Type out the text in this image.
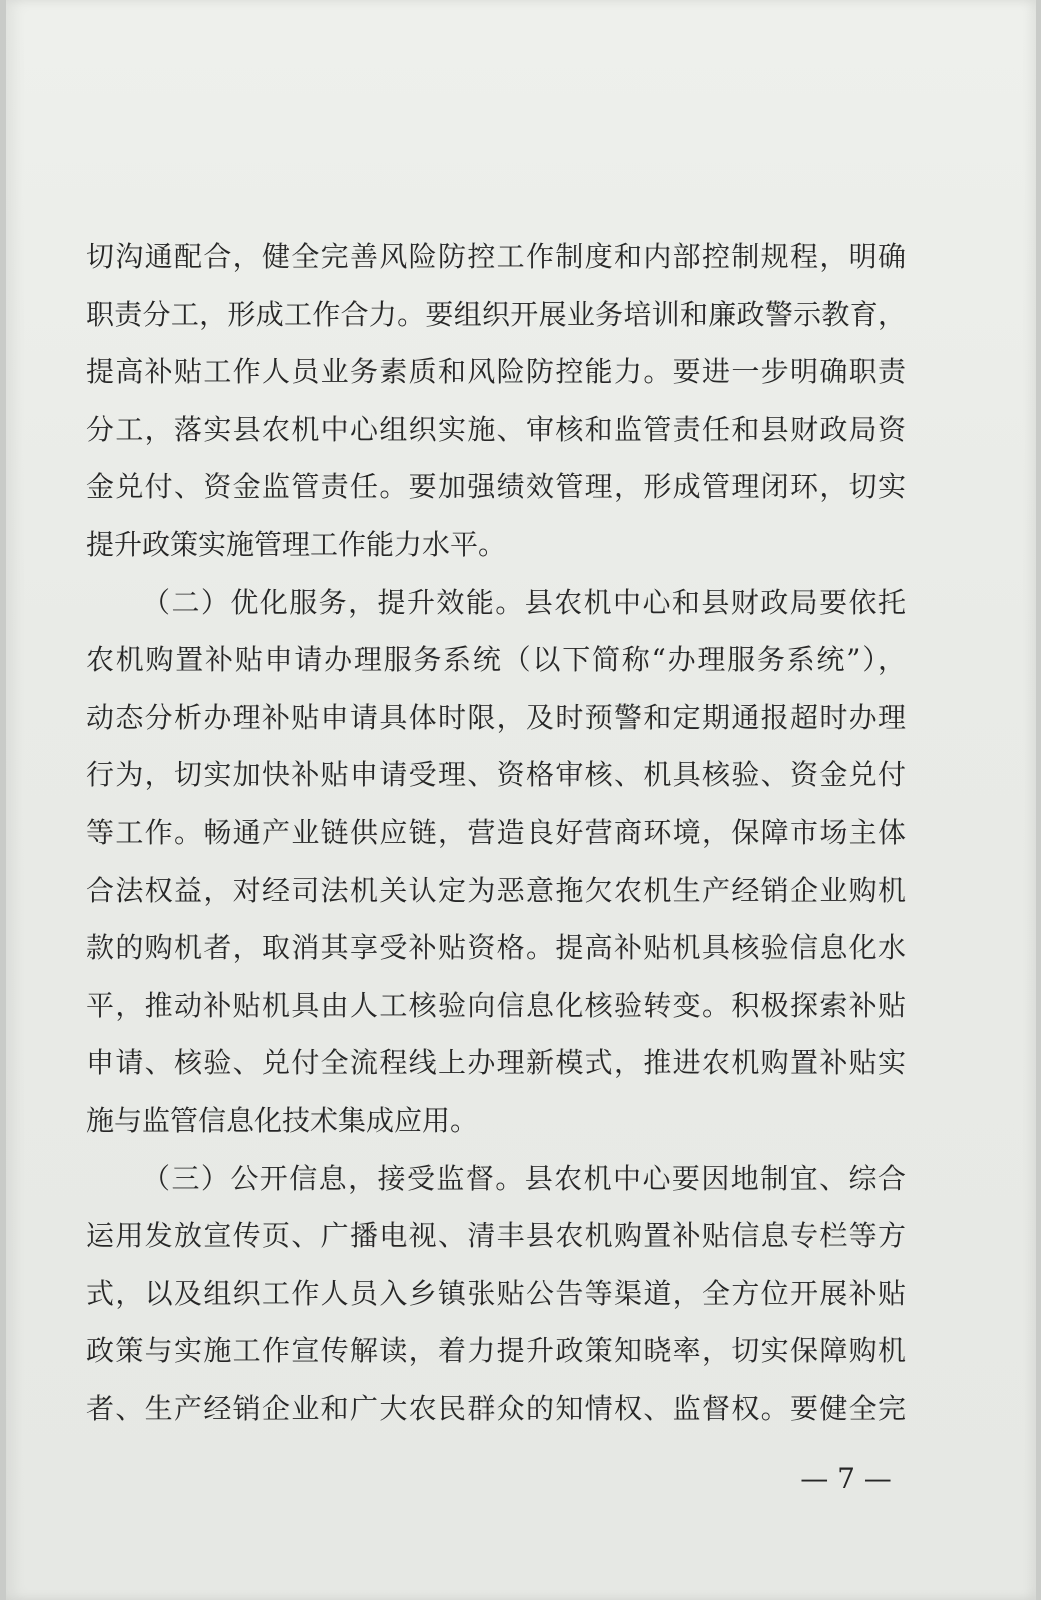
切沟通配合，健全完善风险防控工作制度和内部控制规程，明确
职责分工，形成工作合力。要组织开展业务培训和廉政警示教育，
提高补贴工作人员业务素质和风险防控能力。要进一步明确职责
分工，落实县农机中心组织实施、审核和监管责任和县财政局资
金兑付、资金监管责任。要加强绩效管理，形成管理闭环，切实
提升政策实施管理工作能力水平。
（二）优化服务，提升效能。县农机中心和县财政局要依托
农机购置补贴申请办理服务系统（以下简称“办理服务系统”），
动态分析办理补贴申请具体时限，及时预警和定期通报超时办理
行为，切实加快补贴申请受理、资格审核、机具核验、资金兑付
等工作。畅通产业链供应链，营造良好营商环境，保障市场主体
合法权益，对经司法机关认定为恶意拖欠农机生产经销企业购机
款的购机者，取消其享受补贴资格。提高补贴机具核验信息化水
平，推动补贴机具由人工核验向信息化核验转变。积极探索补贴
申请、核验、兑付全流程线上办理新模式，推进农机购置补贴实
施与监管信息化技术集成应用。
（三）公开信息，接受监督。县农机中心要因地制宜、综合
运用发放宣传页、广播电视、清丰县农机购置补贴信息专栏等方
式，以及组织工作人员入乡镇张贴公告等渠道，全方位开展补贴
政策与实施工作宣传解读，着力提升政策知晓率，切实保障购机
者、生产经销企业和广大农民群众的知情权、监督权。要健全完
— 7 —
